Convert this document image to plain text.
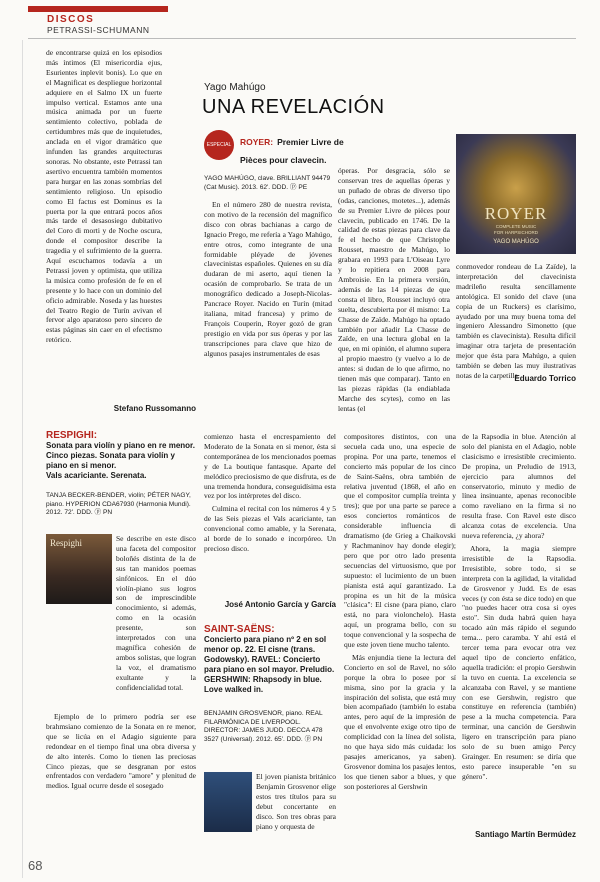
DISCOS
PETRASSI-SCHUMANN

de encontrarse quizá en los episodios más íntimos (El misericordia ejus, Esurientes inplevit bonis). Lo que en el Magnificat es despliegue horizontal adquiere en el Salmo IX un fuerte impulso vertical. Estamos ante una música animada por un fuerte sentimiento colectivo, poblada de certidumbres más que de inquietudes, anclada en el vigor dramático que infunden las grandes arquitecturas sonoras. No obstante, este Petrassi tan asertivo encuentra también momentos para hurgar en las zonas sombrías del sentimiento religioso. Un episodio como El factus est Dominus es la puerta por la que entrará pocos años más tarde el desasosiego dubitativo del Coro di morti y de Noche oscura, donde el compositor describe la tragedia y el sufrimiento de la guerra. Aquí escuchamos todavía a un Petrassi joven y optimista, que utiliza la música como profesión de fe en el presente y lo hace con un dominio del oficio admirable. Noseda y las huestes del Teatro Regio de Turín avivan el fervor algo aparatoso pero sincero de estas páginas sin caer en el efectismo retórico.

Stefano Russomanno
Yago Mahúgo
UNA REVELACIÓN
ESPECIAL	ROYER: Premier Livre de Pièces pour clavecin.
YAGO MAHÚGO, clave. BRILLIANT 94479 (Cat Music). 2013. 62'. DDD. ⓟ PE

En el número 280 de nuestra revista, con motivo de la recensión del magnífico disco con obras bachianas a cargo de Ignacio Prego, me refería a Yago Mahúgo, entre otros, como integrante de una formidable pléyade de jóvenes clavecinistas españoles. Quienes en su día dudaran de mi aserto, aquí tienen la ocasión de comprobarlo. Se trata de un monográfico dedicado a Joseph-Nicolas-Pancrace Royer. Nacido en Turín (mitad italiana, mitad francesa) y primo de François Couperin, Royer gozó de gran prestigio en vida por sus óperas y por las transcripciones para clave que hizo de algunos pasajes instrumentales de esas

óperas. Por desgracia, sólo se conservan tres de aquellas óperas y un puñado de obras de diverso tipo (odas, canciones, motetes...), además de su Premier Livre de pièces pour clavecin, publicado en 1746. De la calidad de estas piezas para clave da fe el hecho de que Christophe Rousset, maestro de Mahúgo, lo grabara en 1993 para L'Oiseau Lyre y lo repitiera en 2008 para Ambroisie. En la primera versión, además de las 14 piezas de que consta el libro, Rousset incluyó otra suelta, descubierta por él mismo: La Chasse de Zaïde. Mahúgo ha optado también por añadir La Chasse de Zaïde, en una lectura global en la que, en mi opinión, el alumno supera al propio maestro (y vuelvo a lo de antes: si dudan de lo que afirmo, no tienen más que comparar). Tanto en las piezas rápidas (la endiablada Marche des scytes), como en las lentas (el

ROYER
COMPLETE MUSIC
FOR HARPSICHORD
YAGO MAHÚGO

conmovedor rondeau de La Zaïde), la interpretación del clavecinista madrileño resulta sencillamente antológica. El sonido del clave (una copia de un Ruckers) es clarísimo, ayudado por una muy buena toma del ingeniero Alessandro Simonetto (que también es clavecinista). Resulta difícil imaginar otra tarjeta de presentación mejor que ésta para Mahúgo, a quien también se deben las muy ilustrativas notas de la carpetilla.

Eduardo Torrico
RESPIGHI:
Sonata para violín y piano en re menor. Cinco piezas. Sonata para violín y piano en si menor.
Vals acariciante. Serenata.
TANJA BECKER-BENDER, violín; PÉTER NAGY, piano. HYPERION CDA67930 (Harmonia Mundi). 2012. 72'. DDD. ⓟ PN
Respighi	Se describe en este disco una faceta del compositor boloñés distinta de la de sus tan manidos poemas sinfónicos. En el dúo violín-piano sus logros son de imprescindible conocimiento, si además, como en la ocasión presente, son interpretados con una magnífica cohesión de ambos solistas, que logran la voz, el dramatismo exultante y la confidencialidad total.

Ejemplo de lo primero podría ser ese brahmsiano comienzo de la Sonata en re menor, que se licúa en el Adagio siguiente para redondear en el tiempo final una obra diversa y de alto interés. Como lo tienen las preciosas Cinco piezas, que se desgranan por estos enfrentados con verdadero "amore" y plenitud de medios. Igual ocurre desde el sosegado

comienzo hasta el encrespamiento del Moderato de la Sonata en si menor, ésta si contemporánea de los mencionados poemas y de La boutique fantasque. Aparte del melódico preciosismo de que disfruta, es de una tremenda hondura, conseguidísima esta vez por los intérpretes del disco.

Culmina el recital con los números 4 y 5 de las Seis piezas el Vals acariciante, tan convencional como amable, y la Serenata, al borde de lo sonado e incorpóreo. Un precioso disco.

José Antonio García y García
SAINT-SAËNS:
Concierto para piano nº 2 en sol menor op. 22. El cisne (trans. Godowsky). RAVEL: Concierto para piano en sol mayor. Preludio. GERSHWIN: Rhapsody in blue. Love walked in.
BENJAMIN GROSVENOR, piano. REAL FILARMÓNICA DE LIVERPOOL. DIRECTOR: JAMES JUDD. DECCA 478 3527 (Universal). 2012. 65'. DDD. ⓟ PN

El joven pianista británico Benjamin Grosvenor elige estos tres títulos para su debut concertante en disco. Son tres obras para piano y orquesta de

compositores distintos, con una secuela cada uno, una especie de propina. Por una parte, tenemos el concierto más popular de los cinco de Saint-Saëns, obra también de relativa juventud (1868, el año en que el compositor cumplía treinta y tres); que por una parte se parece a esos conciertos románticos de considerable influencia di dramatismo (de Grieg a Chaikovski y Rachmaninov hay donde elegir); pero que por otro lado presenta secuencias del virtuosismo, que por supuesto: el lucimiento de un buen pianista está aquí garantizado. La propina es un hit de la música "clásica": El cisne (para piano, claro está, no para violonchelo). Hasta aquí, un programa bello, con su toque convencional y la sospecha de que este joven tiene mucho talento.

Más enjundia tiene la lectura del Concierto en sol de Ravel, no sólo porque la obra lo posee por sí misma, sino por la gracia y la inspiración del solista, que está muy bien acompañado (también lo estaba antes, pero aquí de la impresión de que el envolvente exige otro tipo de complicidad con la línea del solista, no que haya sido más cuidada: los pasajes americanos, ya saben). Grosvenor domina los pasajes lentos, los que tienen sabor a blues, y que son posteriores al Gershwin

de la Rapsodia in blue. Atención al solo del pianista en el Adagio, noble clasicismo e irresistible crecimiento. De propina, un Preludio de 1913, ejercicio para alumnos del conservatorio, minuto y medio de línea insinuante, apenas reconocible como raveliano en la firma si no resulta frase. Con Ravel este disco alcanza cotas de excelencia. Una nueva referencia, ¿y ahora?

Ahora, la magia siempre irresistible de la Rapsodia. Irresistible, sobre todo, si se interpreta con la agilidad, la vitalidad de Grosvenor y Judd. Es de esas veces (y con ésta se dice todo) en que "no puedes hacer otra cosa si oyes esto". Sin duda habrá quien haya tocado aún más rápido el segundo tema... pero caramba. Y ahí está el tercer tema para evocar otra vez aquel tipo de concierto enfático, aquella tradición: el propio Gershwin la tuvo en cuenta. La excelencia se alcanzaba con Ravel, y se mantiene con ese Gershwin, registro que constituye en referencia (también) pese a la mucha competencia. Para terminar, una canción de Gershwin ligero en transcripción para piano solo de su buen amigo Percy Grainger. En resumen: se diría que esto parece insuperable "en su género".

Santiago Martín Bermúdez
68
